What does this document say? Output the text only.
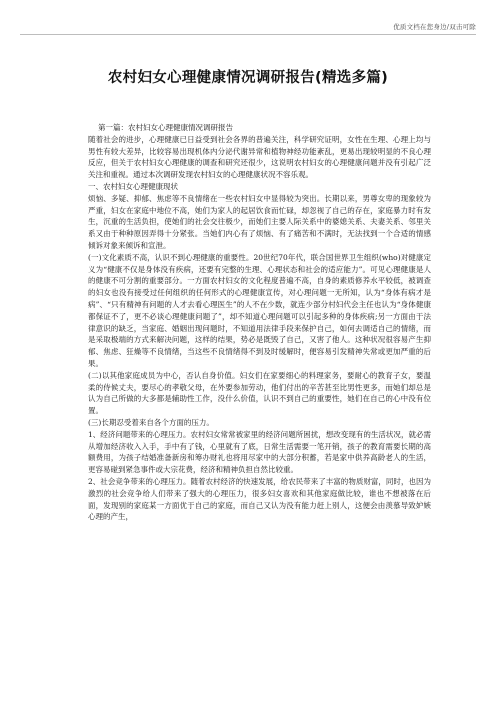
优质文档在您身边/双击可除
农村妇女心理健康情况调研报告(精选多篇)

第一篇：农村妇女心理健康情况调研报告

随着社会的进步，心理健康已日益受到社会各界的普遍关注，科学研究证明，女性在生理、心理上均与男性有较大差异，比较容易出现机体内分泌代谢异常和植物神经功能紊乱，更易出现较明显的不良心理反应，但关于农村妇女心理健康的调查和研究还很少，这说明农村妇女的心理健康问题并没有引起广泛关注和重视。通过本次调研发现农村妇女的心理健康状况不容乐观。

一、农村妇女心理健康现状

烦恼、多疑、抑郁、焦虑等不良情绪在一些农村妇女中显得较为突出。长期以来，男尊女卑的现象较为严重，妇女在家庭中地位不高，她们为家人的起居饮食而忙碌，却忽视了自己的存在，家庭暴力时有发生，沉重的生活负担，使她们的社会交往极少，而她们主要人际关系中的婆媳关系、夫妻关系、邻里关系又由于种种原因弄得十分紧张。当她们内心有了烦恼、有了痛苦和不满时，无法找到一个合适的情感倾诉对象来倾诉和宣泄。

(一)文化素质不高，认识不到心理健康的重要性。20世纪70年代，联合国世界卫生组织(who)对健康定义为“健康不仅是身体没有疾病，还要有完整的生理、心理状态和社会的适应能力”。可见心理健康是人的健康不可分割的重要部分。一方面农村妇女的文化程度普遍不高，自身的素质修养水平较低，被调查的妇女也没有接受过任何组织的任何形式的心理健康宣传，对心理问题一无所知，认为“身体有病才是病”、“只有精神有问题的人才去看心理医生”的人不在少数，就连少部分村妇代会主任也认为“身体健康都保证不了，更不必谈心理健康问题了”，却不知道心理问题可以引起多种的身体疾病;另一方面由于法律意识的缺乏，当家庭、婚姻出现问题时，不知道用法律手段来保护自己，如何去调适自己的情绪，而是采取极端的方式来解决问题，这样的结果，势必是既毁了自己，又害了他人。这种状况很容易产生抑郁、焦虑、狂燥等不良情绪，当这些不良情绪得不到及时缓解时，便容易引发精神失常或更加严重的后果。

(二)以其他家庭成员为中心，否认自身价值。妇女们在家要细心的料理家务，要耐心的教育子女，要温柔的侍候丈夫，要尽心的孝敬父母，在外要参加劳动，他们付出的辛苦甚至比男性更多，而她们却总是认为自己所做的大多都是辅助性工作，没什么价值，认识不到自己的重要性，她们在自己的心中没有位置。

(三)长期忍受着来自各个方面的压力。

1、经济问题带来的心理压力。农村妇女常常被家里的经济问题所困扰，想改变现有的生活状况，就必需从增加经济收入入手，手中有了钱，心里就有了底，日常生活需要一笔开销，孩子的教育需要长期的高额费用，为孩子结婚准备新房和筹办财礼也将用尽家中的大部分积蓄，若是家中供养高龄老人的生活，更容易碰到紧急事件或大宗花费，经济和精神负担自然比较重。

2、社会竞争带来的心理压力。随着农村经济的快速发展，给农民带来了丰富的物质财富，同时，也因为激烈的社会竞争给人们带来了强大的心理压力，很多妇女喜欢和其他家庭做比较，谁也不想被落在后面，发现别的家庭某一方面优于自己的家庭，而自己又认为没有能力赶上别人，这便会由羡慕导致妒嫉心理的产生，
